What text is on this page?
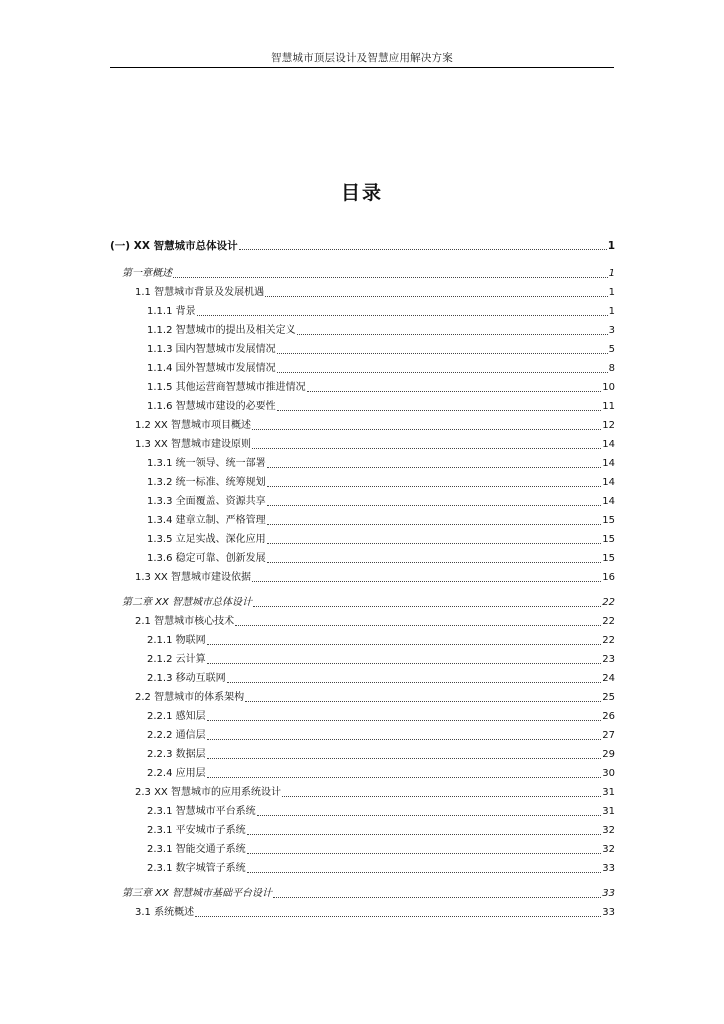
智慧城市顶层设计及智慧应用解决方案
目录
(一) XX 智慧城市总体设计	1
第一章概述	1
1.1 智慧城市背景及发展机遇	1
1.1.1 背景	1
1.1.2 智慧城市的提出及相关定义	3
1.1.3 国内智慧城市发展情况	5
1.1.4 国外智慧城市发展情况	8
1.1.5 其他运营商智慧城市推进情况	10
1.1.6 智慧城市建设的必要性	11
1.2 XX 智慧城市项目概述	12
1.3 XX 智慧城市建设原则	14
1.3.1 统一领导、统一部署	14
1.3.2 统一标准、统筹规划	14
1.3.3 全面覆盖、资源共享	14
1.3.4 建章立制、严格管理	15
1.3.5 立足实战、深化应用	15
1.3.6 稳定可靠、创新发展	15
1.3 XX 智慧城市建设依据	16
第二章 XX 智慧城市总体设计	22
2.1 智慧城市核心技术	22
2.1.1 物联网	22
2.1.2 云计算	23
2.1.3 移动互联网	24
2.2 智慧城市的体系架构	25
2.2.1 感知层	26
2.2.2 通信层	27
2.2.3 数据层	29
2.2.4 应用层	30
2.3 XX 智慧城市的应用系统设计	31
2.3.1 智慧城市平台系统	31
2.3.1 平安城市子系统	32
2.3.1 智能交通子系统	32
2.3.1 数字城管子系统	33
第三章 XX 智慧城市基础平台设计	33
3.1 系统概述	33
